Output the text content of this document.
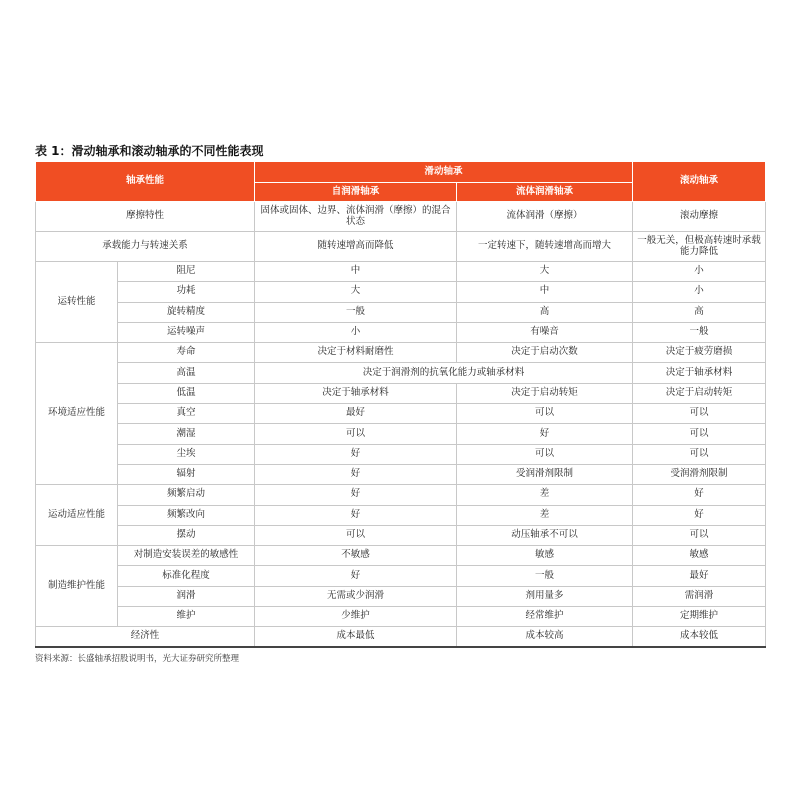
表 1：滑动轴承和滚动轴承的不同性能表现
轴承性能		滑动轴承		滚动轴承
		自润滑轴承	流体润滑轴承	
摩擦特性		固体或固体、边界、流体润滑（摩擦）的混合状态	流体润滑（摩擦）	滚动摩擦
承载能力与转速关系		随转速增高而降低	一定转速下，随转速增高而增大	一般无关，但极高转速时承载能力降低
运转性能	阻尼	中	大	小
	功耗	大	中	小
	旋转精度	一般	高	高
	运转噪声	小	有噪音	一般
环境适应性能	寿命	决定于材料耐磨性	决定于启动次数	决定于疲劳磨损
	高温	决定于润滑剂的抗氧化能力或轴承材料		决定于轴承材料
	低温	决定于轴承材料	决定于启动转矩	决定于启动转矩
	真空	最好	可以	可以
	潮湿	可以	好	可以
	尘埃	好	可以	可以
	辐射	好	受润滑剂限制	受润滑剂限制
运动适应性能	频繁启动	好	差	好
	频繁改向	好	差	好
	摆动	可以	动压轴承不可以	可以
制造维护性能	对制造安装误差的敏感性	不敏感	敏感	敏感
	标准化程度	好	一般	最好
	润滑	无需或少润滑	剂用量多	需润滑
	维护	少维护	经常维护	定期维护
经济性		成本最低	成本较高	成本较低
资料来源：长盛轴承招股说明书，光大证券研究所整理
